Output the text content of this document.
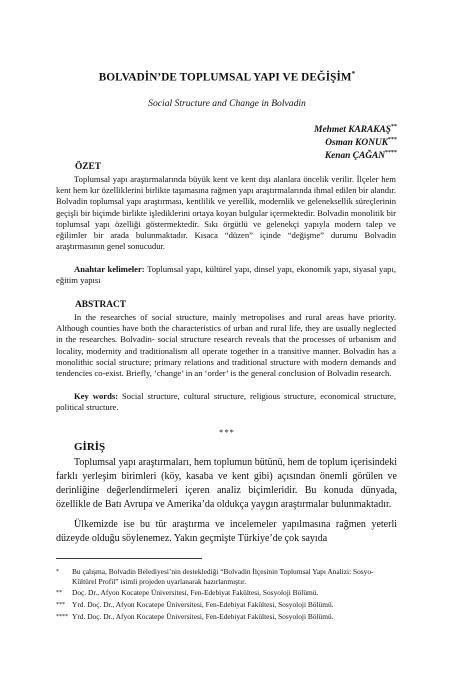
BOLVADİN’DE TOPLUMSAL YAPI VE DEĞİŞİM*
Social Structure and Change in Bolvadin
Mehmet KARAKAŞ**
Osman KONUK***
Kenan ÇAĞAN****
ÖZET

Toplumsal yapı araştırmalarında büyük kent ve kent dışı alanlara öncelik verilir. İlçeler hem kent hem kır özelliklerini birlikte taşımasına rağmen yapı araştırmalarında ihmal edilen bir alandır. Bolvadin toplumsal yapı araştırması, kentlilik ve yerellik, modernlik ve geleneksellik süreçlerinin geçişli bir biçimde birlikte işlediklerini ortaya koyan bulgular içermektedir. Bolvadin monolitik bir toplumsal yapı özelliği göstermektedir. Sıkı örgütlü ve gelenekçi yapıyla modern talep ve eğilimler bir arada bulunmaktadır. Kısaca “düzen” içinde “değişme” durumu Bolvadin araştırmasının genel sonucudur.

Anahtar kelimeler: Toplumsal yapı, kültürel yapı, dinsel yapı, ekonomik yapı, siyasal yapı, eğitim yapısı

ABSTRACT

In the researches of social structure, mainly metropolises and rural areas have priority. Although counties have both the characteristics of urban and rural life, they are usually neglected in the researches. Bolvadin- social structure research reveals that the processes of urbanism and locality, modernity and traditionalism all operate together in a transitive manner. Bolvadin has a monolithic social structure; primary relations and traditional structure with modern demands and tendencies co-exist. Briefly, ‘change’ in an ‘order’ is the general conclusion of Bolvadin research.

Key words: Social structure, cultural structure, religious structure, economical structure, political structure.

***
GİRİŞ

Toplumsal yapı araştırmaları, hem toplumun bütünü, hem de toplum içerisindeki farklı yerleşim birimleri (köy, kasaba ve kent gibi) açısından önemli görülen ve derinliğine değerlendirmeleri içeren analiz biçimleridir. Bu konuda dünyada, özellikle de Batı Avrupa ve Amerika’da oldukça yaygın araştırmalar bulunmaktadır.

Ülkemizde ise bu tür araştırma ve incelemeler yapılmasına rağmen yeterli düzeyde olduğu söylenemez. Yakın geçmişte Türkiye’de çok sayıda

*	Bu çalışma, Bolvadin Belediyesi’nin desteklediği “Bolvadin İlçesinin Toplumsal Yapı Analizi: Sosyo-Kültürel Profil” isimli projeden uyarlanarak hazırlanmıştır.
**	Doç. Dr., Afyon Kocatepe Üniversitesi, Fen-Edebiyat Fakültesi, Sosyoloji Bölümü.
*** Yrd. Doç. Dr., Afyon Kocatepe Üniversitesi, Fen-Edebiyat Fakültesi, Sosyoloji Bölümü.
**** Yrd. Doç. Dr., Afyon Kocatepe Üniversitesi, Fen-Edebiyat Fakültesi, Sosyoloji Bölümü.
